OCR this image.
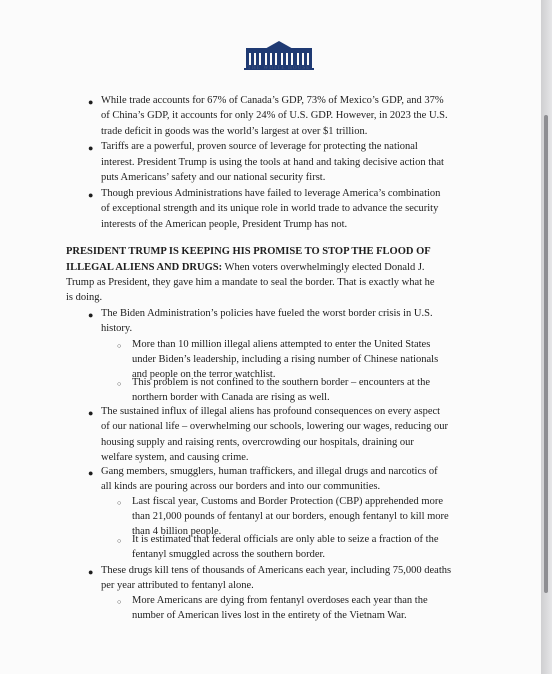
THE WHITE HOUSE
● While trade accounts for 67% of Canada’s GDP, 73% of Mexico’s GDP, and 37%
of China’s GDP, it accounts for only 24% of U.S. GDP. However, in 2023 the U.S.
trade deficit in goods was the world’s largest at over $1 trillion.
● Tariffs are a powerful, proven source of leverage for protecting the national
interest. President Trump is using the tools at hand and taking decisive action that
puts Americans’ safety and our national security first.
● Though previous Administrations have failed to leverage America’s combination
of exceptional strength and its unique role in world trade to advance the security
interests of the American people, President Trump has not.
PRESIDENT TRUMP IS KEEPING HIS PROMISE TO STOP THE FLOOD OF
ILLEGAL ALIENS AND DRUGS: When voters overwhelmingly elected Donald J.
Trump as President, they gave him a mandate to seal the border. That is exactly what he
is doing.
● The Biden Administration’s policies have fueled the worst border crisis in U.S.
history.
○ More than 10 million illegal aliens attempted to enter the United States
under Biden’s leadership, including a rising number of Chinese nationals
and people on the terror watchlist.
○ This problem is not confined to the southern border – encounters at the
northern border with Canada are rising as well.
● The sustained influx of illegal aliens has profound consequences on every aspect
of our national life – overwhelming our schools, lowering our wages, reducing our
housing supply and raising rents, overcrowding our hospitals, draining our
welfare system, and causing crime.
● Gang members, smugglers, human traffickers, and illegal drugs and narcotics of
all kinds are pouring across our borders and into our communities.
○ Last fiscal year, Customs and Border Protection (CBP) apprehended more
than 21,000 pounds of fentanyl at our borders, enough fentanyl to kill more
than 4 billion people.
○ It is estimated that federal officials are only able to seize a fraction of the
fentanyl smuggled across the southern border.
● These drugs kill tens of thousands of Americans each year, including 75,000 deaths
per year attributed to fentanyl alone.
○ More Americans are dying from fentanyl overdoses each year than the
number of American lives lost in the entirety of the Vietnam War.
